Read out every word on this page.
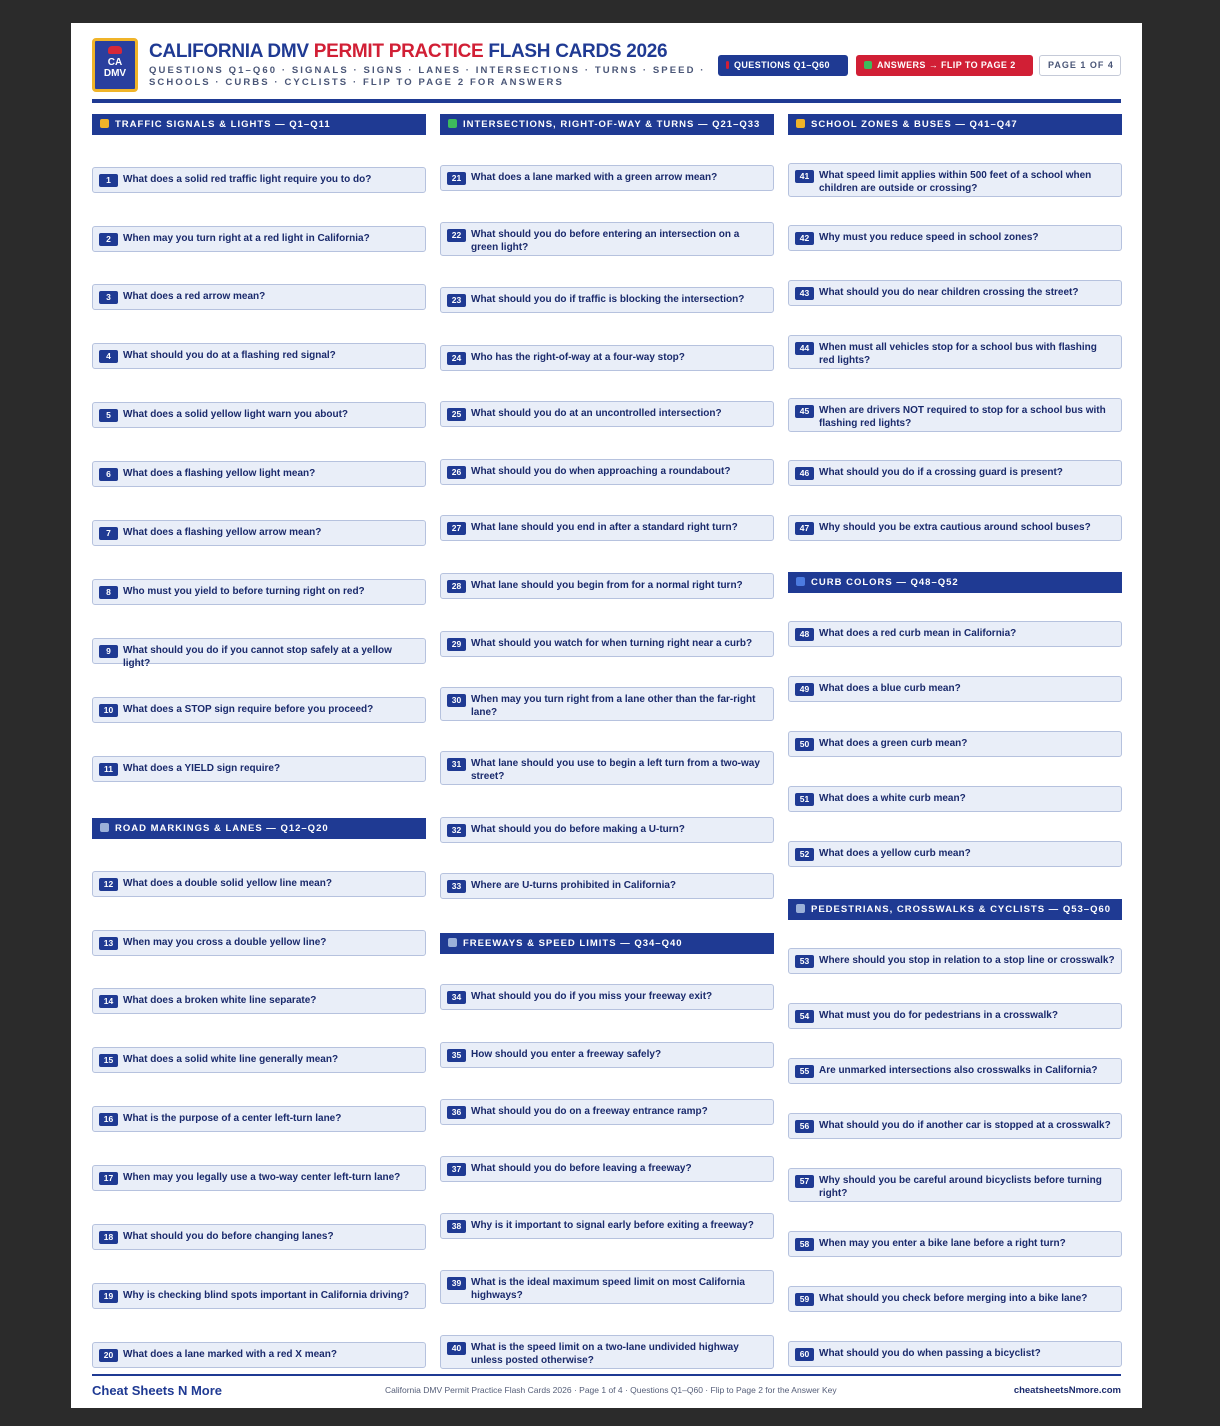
CA
DMV
CALIFORNIA DMV PERMIT PRACTICE FLASH CARDS 2026
QUESTIONS Q1–Q60 · SIGNALS · SIGNS · LANES · INTERSECTIONS · TURNS · SPEED · SCHOOLS · CURBS · CYCLISTS · FLIP TO PAGE 2 FOR ANSWERS
QUESTIONS Q1–Q60	ANSWERS → FLIP TO PAGE 2	PAGE 1 OF 4
TRAFFIC SIGNALS & LIGHTS — Q1–Q11
ROAD MARKINGS & LANES — Q12–Q20
1	What does a solid red traffic light require you to do?
2	When may you turn right at a red light in California?
3	What does a red arrow mean?
4	What should you do at a flashing red signal?
5	What does a solid yellow light warn you about?
6	What does a flashing yellow light mean?
7	What does a flashing yellow arrow mean?
8	Who must you yield to before turning right on red?
9	What should you do if you cannot stop safely at a yellow light?
10 What does a STOP sign require before you proceed?
11	What does a YIELD sign require?
12 What does a double solid yellow line mean?
13 When may you cross a double yellow line?
14 What does a broken white line separate?
15 What does a solid white line generally mean?
16 What is the purpose of a center left-turn lane?
17 When may you legally use a two-way center left-turn lane?
18 What should you do before changing lanes?
19 Why is checking blind spots important in California driving?
20 What does a lane marked with a red X mean?
INTERSECTIONS, RIGHT-OF-WAY & TURNS — Q21–Q33
FREEWAYS & SPEED LIMITS — Q34–Q40
21 What does a lane marked with a green arrow mean?
22 What should you do before entering an intersection on a green light?
23 What should you do if traffic is blocking the intersection?
24 Who has the right-of-way at a four-way stop?
25 What should you do at an uncontrolled intersection?
26 What should you do when approaching a roundabout?
27 What lane should you end in after a standard right turn?
28 What lane should you begin from for a normal right turn?
29 What should you watch for when turning right near a curb?
30 When may you turn right from a lane other than the far-right lane?
31 What lane should you use to begin a left turn from a two-way street?
32 What should you do before making a U-turn?
33 Where are U-turns prohibited in California?
34 What should you do if you miss your freeway exit?
35 How should you enter a freeway safely?
36 What should you do on a freeway entrance ramp?
37 What should you do before leaving a freeway?
38 Why is it important to signal early before exiting a freeway?
39 What is the ideal maximum speed limit on most California highways?
40 What is the speed limit on a two-lane undivided highway unless posted otherwise?
SCHOOL ZONES & BUSES — Q41–Q47
CURB COLORS — Q48–Q52
PEDESTRIANS, CROSSWALKS & CYCLISTS — Q53–Q60
41 What speed limit applies within 500 feet of a school when children are outside or crossing?
42 Why must you reduce speed in school zones?
43 What should you do near children crossing the street?
44 When must all vehicles stop for a school bus with flashing red lights?
45 When are drivers NOT required to stop for a school bus with flashing red lights?
46 What should you do if a crossing guard is present?
47 Why should you be extra cautious around school buses?
48 What does a red curb mean in California?
49 What does a blue curb mean?
50 What does a green curb mean?
51 What does a white curb mean?
52 What does a yellow curb mean?
53 Where should you stop in relation to a stop line or crosswalk?
54 What must you do for pedestrians in a crosswalk?
55 Are unmarked intersections also crosswalks in California?
56 What should you do if another car is stopped at a crosswalk?
57 Why should you be careful around bicyclists before turning right?
58 When may you enter a bike lane before a right turn?
59 What should you check before merging into a bike lane?
60 What should you do when passing a bicyclist?
Cheat Sheets N More	California DMV Permit Practice Flash Cards 2026 · Page 1 of 4 · Questions Q1–Q60 · Flip to Page 2 for the Answer Key	cheatsheetsNmore.com
